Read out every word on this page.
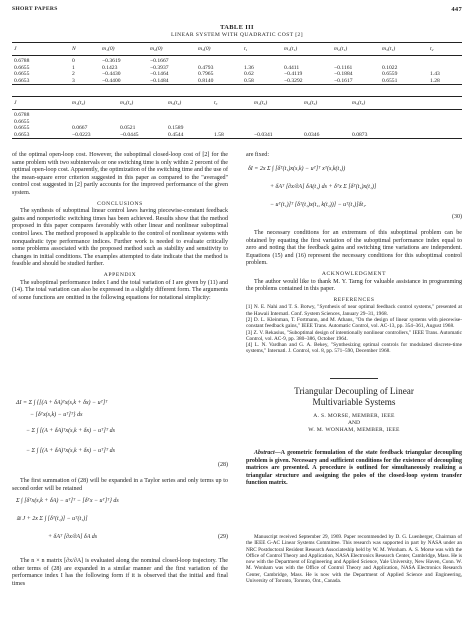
SHORT PAPERS	447
TABLE III
LINEAR SYSTEM WITH QUADRATIC COST [2]
J	N	m₁(0)	m₂(0)	m₃(0)	t₁	m₁(t₁)	m₂(t₁)	m₃(t₁)	t₂
0.6788	0	−0.3619	−0.1667						
0.6655	1	0.1423	−0.3937	0.4793	1.36	0.4411	−0.1161	0.1022	
0.6655	2	−0.4430	−0.1464	0.7965	0.62	−0.4119	−0.1884	0.6559	1.43
0.6653	3	−0.4400	−0.1484	0.8140	0.58	−0.3292	−0.1617	0.6551	1.28
J	m₁(t₂)	m₂(t₂)	m₃(t₂)	t₃	m₁(t₃)	m₂(t₃)	m₃(t₃)
0.6788							
0.6655							
0.6655	0.0667	0.0521	0.1589				
0.6653	−0.0223	−0.0445	0.4544	1.58	−0.0341	0.0346	0.0873

of the optimal open-loop cost. However, the suboptimal closed-loop cost of [2] for the same problem with two subintervals or one switching time is only within 2 percent of the optimal open-loop cost. Apparently, the optimization of the switching time and the use of the mean-square error criterion suggested in this paper as compared to the "averaged" control cost suggested in [2] partly accounts for the improved performance of the given system.

CONCLUSIONS

The synthesis of suboptimal linear control laws having piecewise-constant feedback gains and nonperiodic switching times has been achieved. Results show that the method proposed in this paper compares favorably with other linear and nonlinear suboptimal control laws. The method proposed is applicable to the control of nonlinear systems with nonquadratic type performance indices. Further work is needed to evaluate critically some problems associated with the proposed method such as stability and sensitivity to changes in initial conditions. The examples attempted to date indicate that the method is feasible and should be studied further.

APPENDIX

The suboptimal performance index I and the total variation of I are given by (11) and (14). The total variation can also be expressed in a slightly different form. The arguments of some functions are omitted in the following equations for notational simplicity:

ΔI = Σ ∫ {[(A + δA)ᵀx(s,k + δx) − uᵀ]ᵀ
− [δᵀx(s,k) − uᵀ]ᵀ} ds
− Σ ∫ [(A + δA)ᵀx(s,k + δx) − uᵀ]ᵀ ds
− Σ ∫ [(A + δA)ᵀx(s,k + δx) − uᵀ]ᵀ ds
(28)

The first summation of (28) will be expanded in a Taylor series and only terms up to second order will be retained

Σ ∫ [δᵀx(s,k + δA) − uᵀ]ᵀ − [δᵀx − uᵀ]ᵀ} ds
≅ J + 2x Σ ∫ [δᵀ(t₁)] − uᵀ(t₁)]
+ δAᵀ [∂x/∂A] δA ds	(29)

The n × n matrix [∂x/∂A] is evaluated along the nominal closed-loop trajectory. The other terms of (28) are expanded in a similar manner and the first variation of the performance index I has the following form if it is observed that the initial and final times

are fixed:

δI = 2x Σ ∫ [δᵀ(t₁)x(s,k) − uᵀ]ᵀ xᵀ(s,k(t₁))
+ δAᵀ [∂x/∂A] δA(t₁) ds + δᵀx Σ [δᵀ(t₁)x(t₁)]
− uᵀ(t₁)]ᵀ [δᵀ(t₁)x(t₁, k(t₁))] − uᵀ(t₁)]δt₁.
(30)

The necessary conditions for an extremum of this suboptimal problem can be obtained by equating the first variation of the suboptimal performance index equal to zero and noting that the feedback gains and switching time variations are independent. Equations (15) and (16) represent the necessary conditions for this suboptimal control problem.

ACKNOWLEDGMENT

The author would like to thank M. Y. Tarng for valuable assistance in programming the problems contained in this paper.

REFERENCES

[1] N. E. Nahi and T. S. Botwy, "Synthesis of near optimal feedback control systems," presented at the Hawaii Internatl. Conf. System Sciences, January 29–31, 1968.

[2] D. L. Kleinman, T. Fortmann, and M. Athans, "On the design of linear systems with piecewise-constant feedback gains," IEEE Trans. Automatic Control, vol. AC-13, pp. 354–361, August 1968.

[3] Z. V. Rekasius, "Suboptimal design of intentionally nonlinear controllers," IEEE Trans. Automatic Control, vol. AC-9, pp. 380–386, October 1964.

[4] L. N. Vardhan and G. A. Bekey, "Synthesizing optimal controls for modulated discrete-time systems," Internatl. J. Control, vol. 8, pp. 571–590, December 1968.

Triangular Decoupling of Linear
Multivariable Systems
A. S. MORSE, MEMBER, IEEE
AND
W. M. WONHAM, MEMBER, IEEE

Abstract—A geometric formulation of the state feedback triangular decoupling problem is given. Necessary and sufficient conditions for the existence of decoupling matrices are presented. A procedure is outlined for simultaneously realizing a triangular structure and assigning the poles of the closed-loop system transfer function matrix.

Manuscript received September 29, 1969. Paper recommended by D. G. Luenberger, Chairman of the IEEE G-AC Linear Systems Committee. This research was supported in part by NASA under an NRC Postdoctoral Resident Research Associateship held by W. M. Wonham. A. S. Morse was with the Office of Control Theory and Application, NASA Electronics Research Center, Cambridge, Mass. He is now with the Department of Engineering and Applied Science, Yale University, New Haven, Conn. W. M. Wonham was with the Office of Control Theory and Application, NASA Electronics Research Center, Cambridge, Mass. He is now with the Department of Applied Science and Engineering, University of Toronto, Toronto, Ont., Canada.
